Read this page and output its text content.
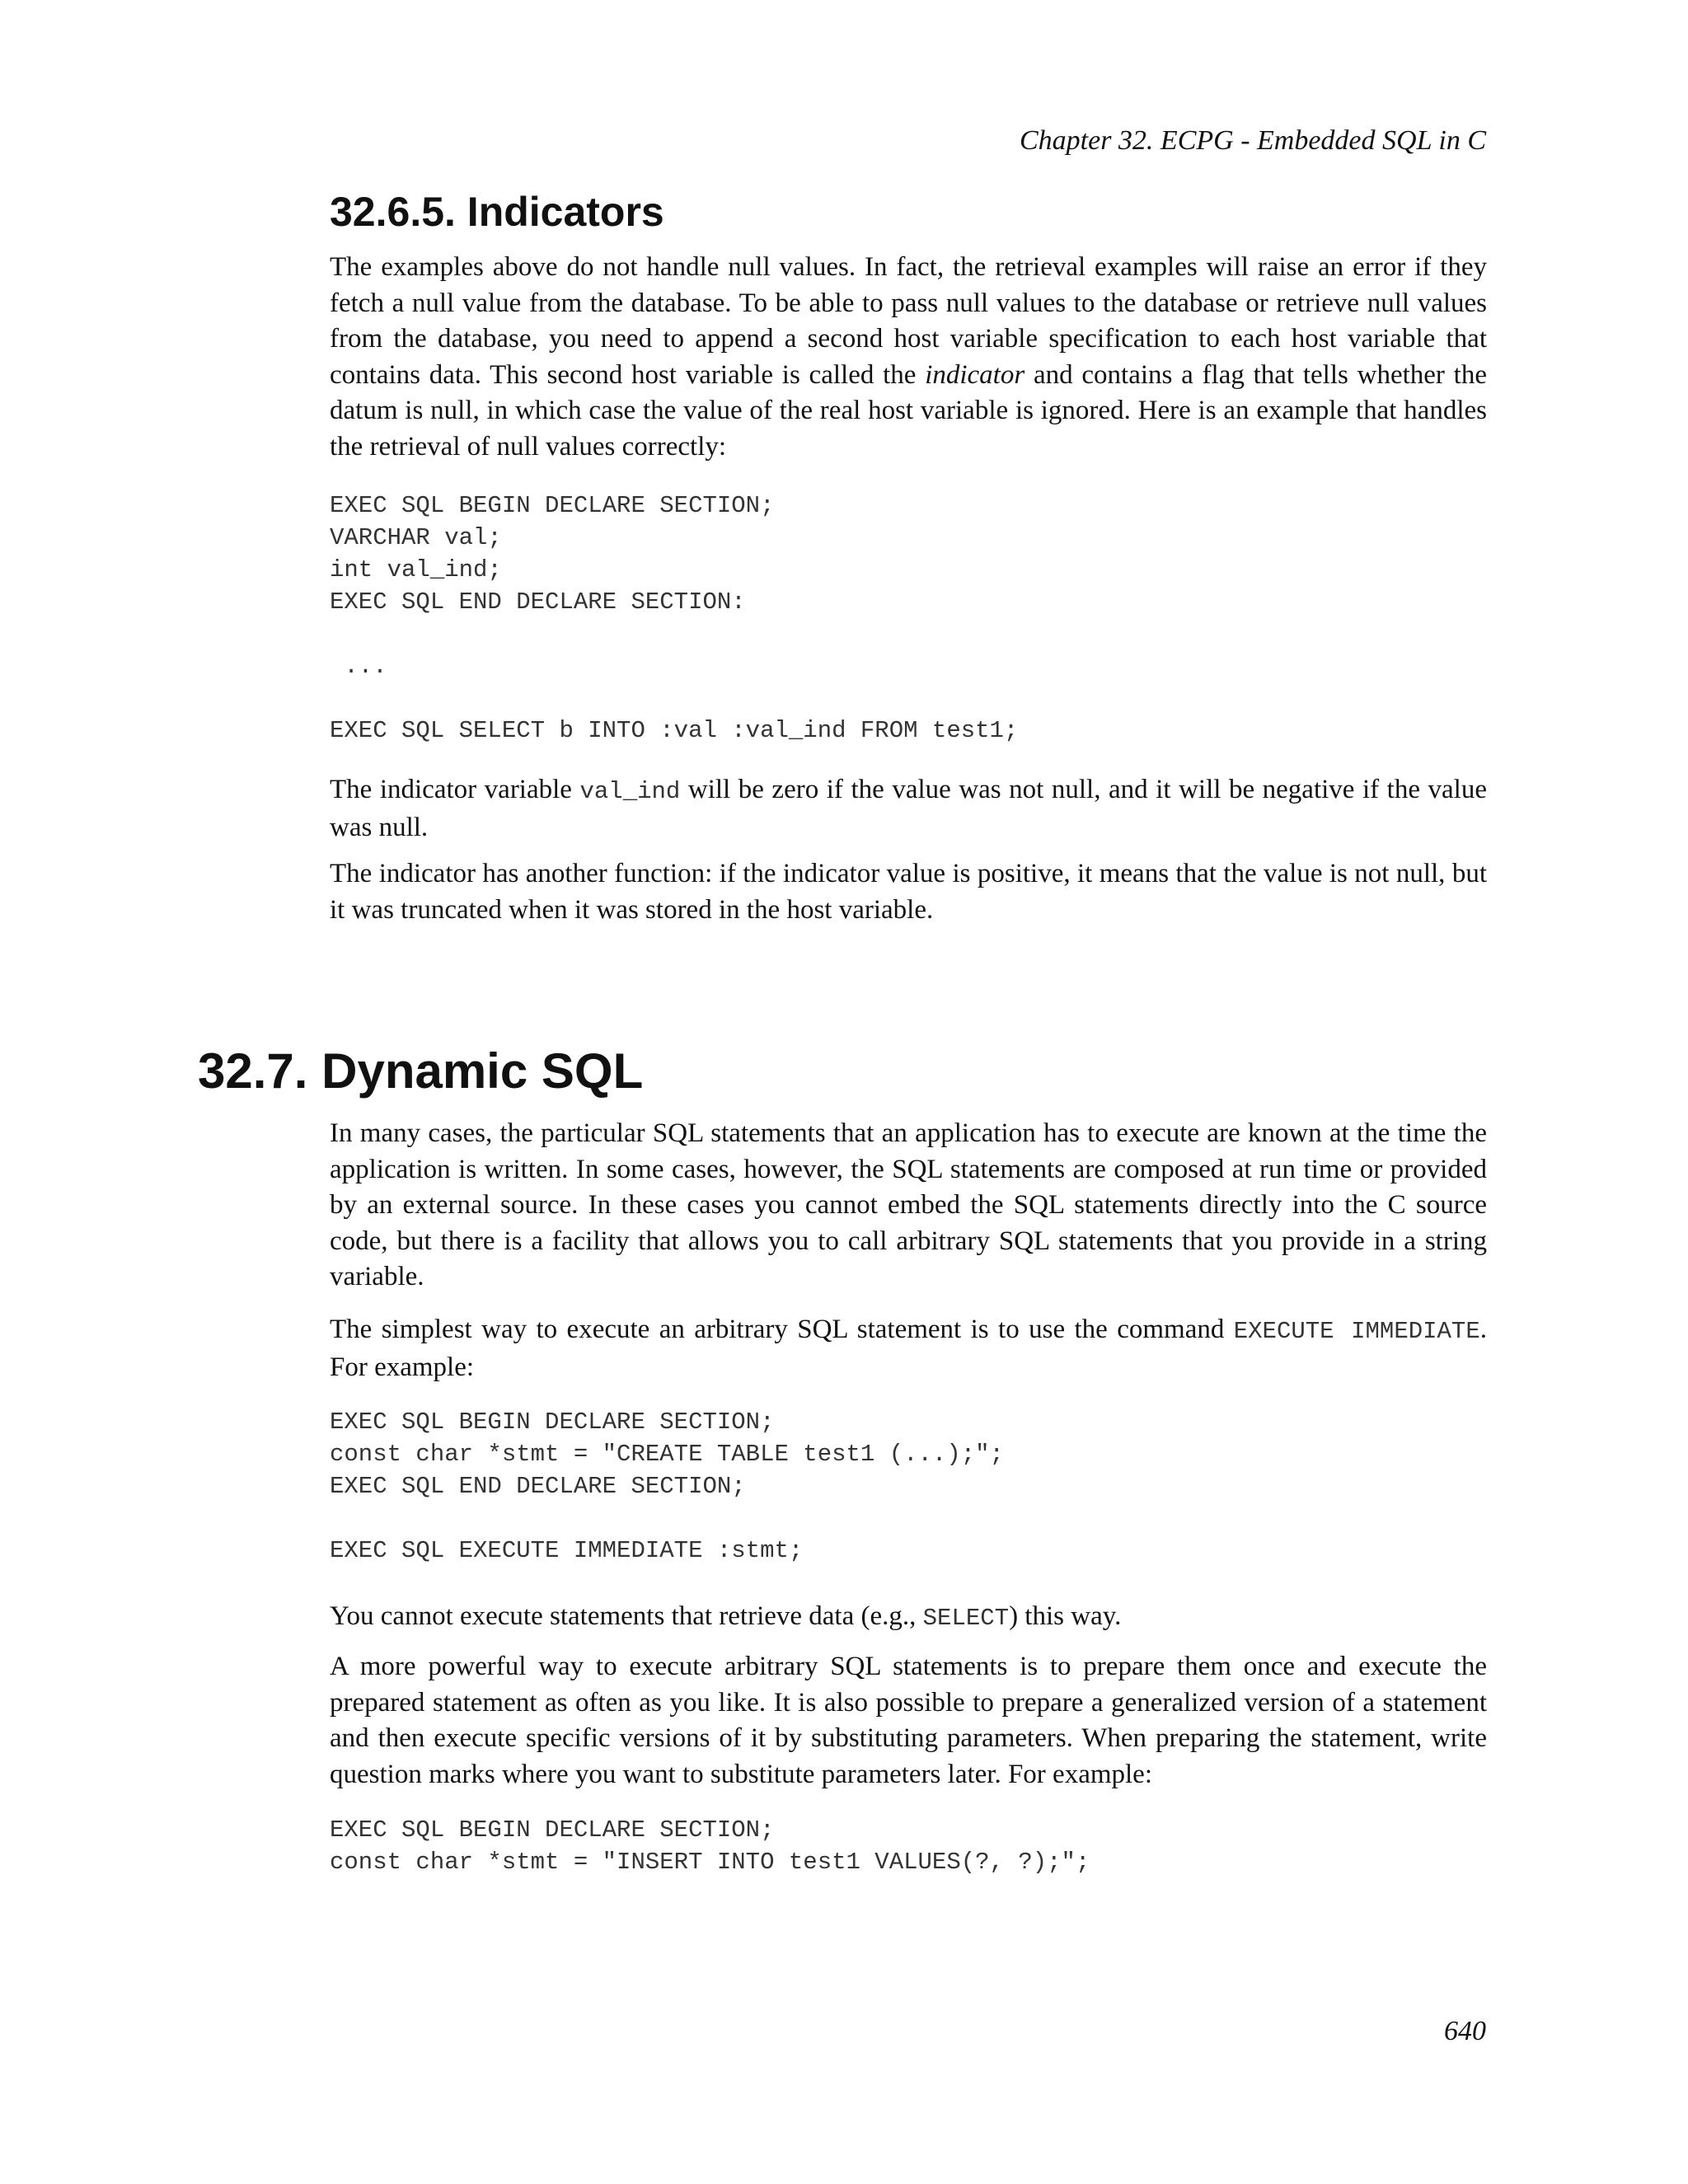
Chapter 32. ECPG - Embedded SQL in C
32.6.5. Indicators

The examples above do not handle null values. In fact, the retrieval examples will raise an error if they fetch a null value from the database. To be able to pass null values to the database or retrieve null values from the database, you need to append a second host variable specification to each host variable that contains data. This second host variable is called the indicator and contains a flag that tells whether the datum is null, in which case the value of the real host variable is ignored. Here is an example that handles the retrieval of null values correctly:

EXEC SQL BEGIN DECLARE SECTION;
VARCHAR val;
int val_ind;
EXEC SQL END DECLARE SECTION:

...

EXEC SQL SELECT b INTO :val :val_ind FROM test1;

The indicator variable val_ind will be zero if the value was not null, and it will be negative if the value was null.

The indicator has another function: if the indicator value is positive, it means that the value is not null, but it was truncated when it was stored in the host variable.

32.7. Dynamic SQL

In many cases, the particular SQL statements that an application has to execute are known at the time the application is written. In some cases, however, the SQL statements are composed at run time or provided by an external source. In these cases you cannot embed the SQL statements directly into the C source code, but there is a facility that allows you to call arbitrary SQL statements that you provide in a string variable.

The simplest way to execute an arbitrary SQL statement is to use the command EXECUTE IMMEDIATE. For example:

EXEC SQL BEGIN DECLARE SECTION;
const char *stmt = "CREATE TABLE test1 (...);";
EXEC SQL END DECLARE SECTION;

EXEC SQL EXECUTE IMMEDIATE :stmt;

You cannot execute statements that retrieve data (e.g., SELECT) this way.

A more powerful way to execute arbitrary SQL statements is to prepare them once and execute the prepared statement as often as you like. It is also possible to prepare a generalized version of a statement and then execute specific versions of it by substituting parameters. When preparing the statement, write question marks where you want to substitute parameters later. For example:

EXEC SQL BEGIN DECLARE SECTION;
const char *stmt = "INSERT INTO test1 VALUES(?, ?);";
640
